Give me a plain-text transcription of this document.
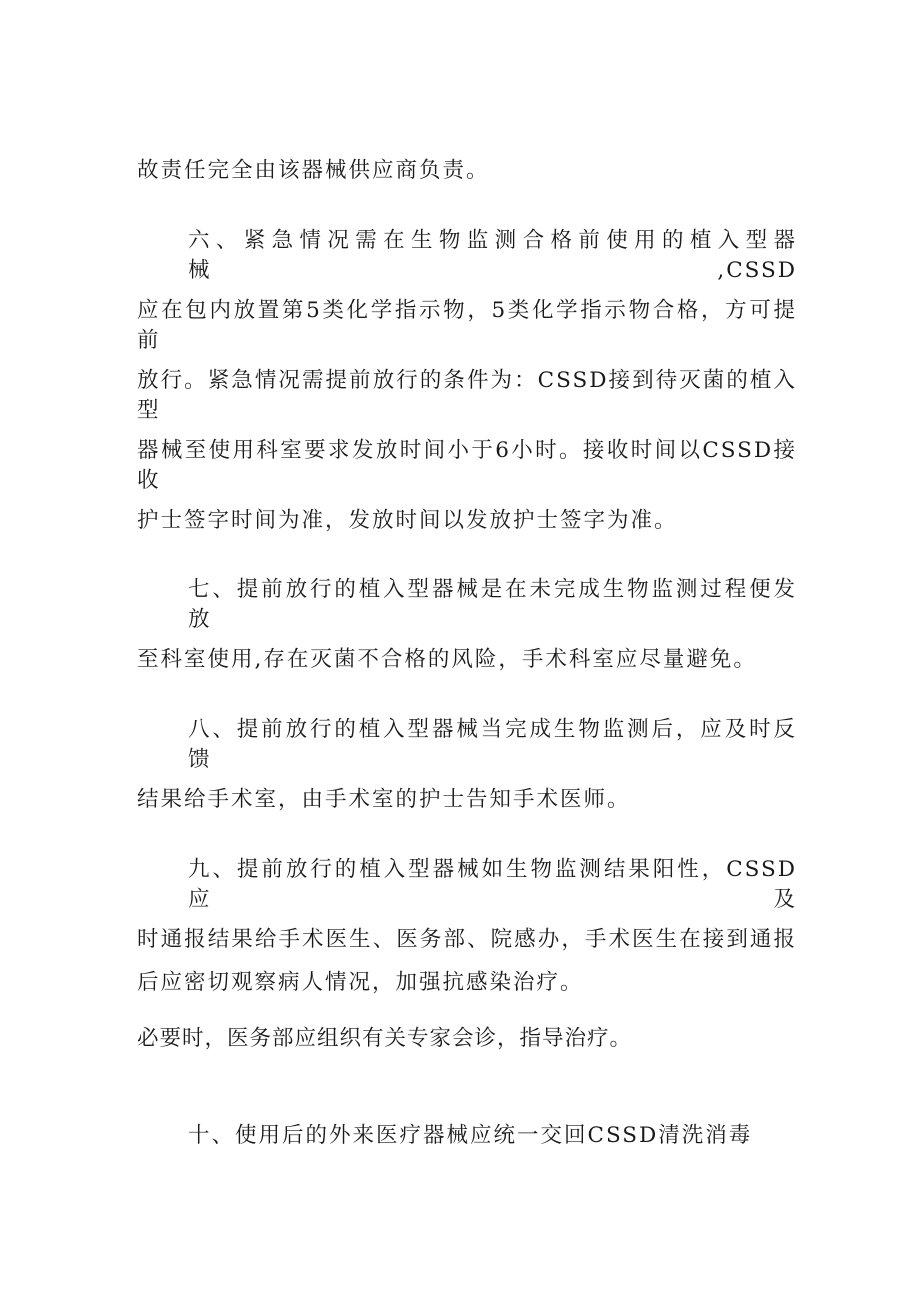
故责任完全由该器械供应商负责。
六、紧急情况需在生物监测合格前使用的植入型器械,CSSD
应在包内放置第5类化学指示物，5类化学指示物合格，方可提前
放行。紧急情况需提前放行的条件为：CSSD接到待灭菌的植入型
器械至使用科室要求发放时间小于6小时。接收时间以CSSD接收
护士签字时间为准，发放时间以发放护士签字为准。
七、提前放行的植入型器械是在未完成生物监测过程便发放
至科室使用,存在灭菌不合格的风险，手术科室应尽量避免。
八、提前放行的植入型器械当完成生物监测后，应及时反馈
结果给手术室，由手术室的护士告知手术医师。
九、提前放行的植入型器械如生物监测结果阳性，CSSD应及
时通报结果给手术医生、医务部、院感办，手术医生在接到通报
后应密切观察病人情况，加强抗感染治疗。
必要时，医务部应组织有关专家会诊，指导治疗。
十、使用后的外来医疗器械应统一交回CSSD清洗消毒
